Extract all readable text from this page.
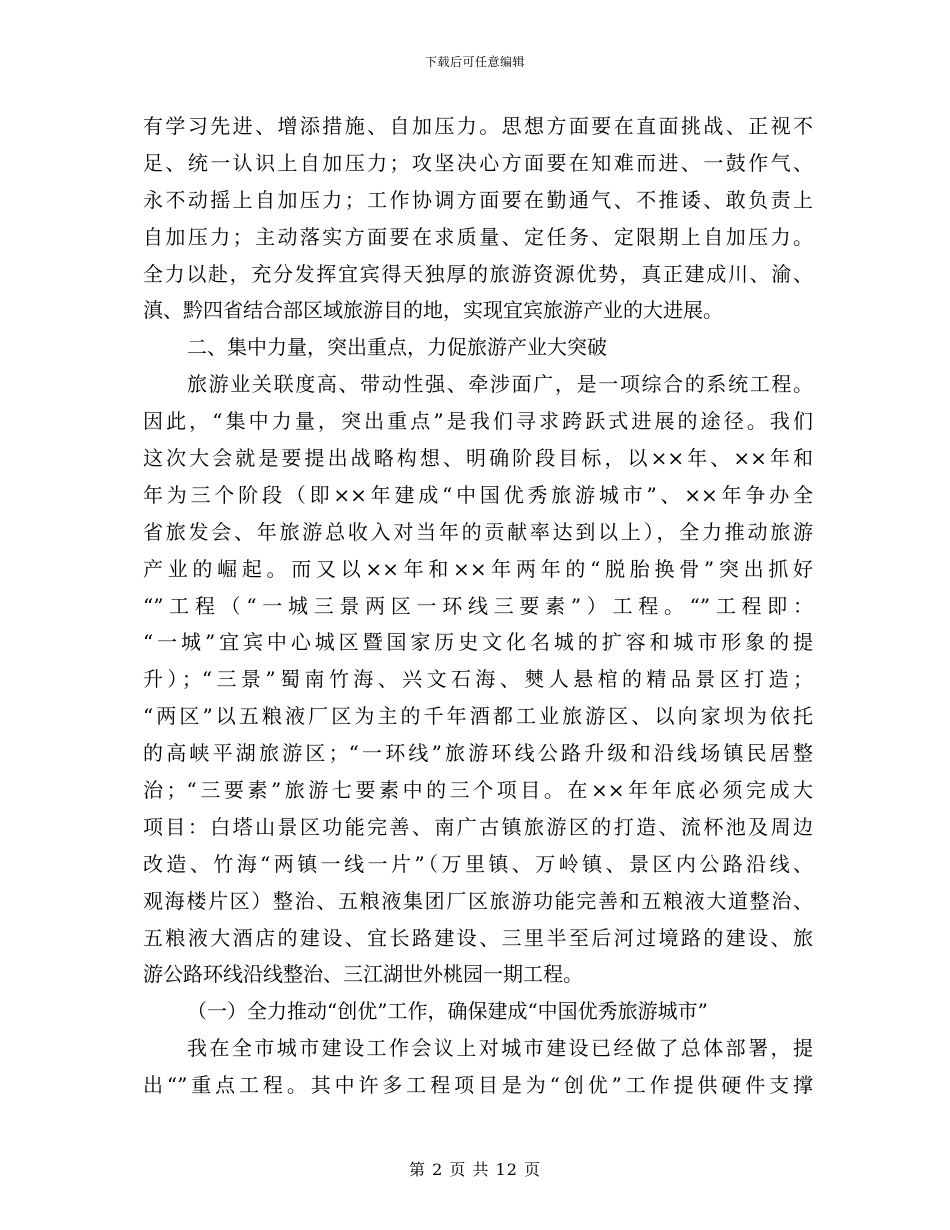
下载后可任意编辑
有学习先进、增添措施、自加压力。思想方面要在直面挑战、正视不
足、统一认识上自加压力；攻坚决心方面要在知难而进、一鼓作气、
永不动摇上自加压力；工作协调方面要在勤通气、不推诿、敢负责上
自加压力；主动落实方面要在求质量、定任务、定限期上自加压力。
全力以赴，充分发挥宜宾得天独厚的旅游资源优势，真正建成川、渝、
滇、黔四省结合部区域旅游目的地，实现宜宾旅游产业的大进展。
二、集中力量，突出重点，力促旅游产业大突破
旅游业关联度高、带动性强、牵涉面广，是一项综合的系统工程。
因此，“集中力量，突出重点”是我们寻求跨跃式进展的途径。我们
这次大会就是要提出战略构想、明确阶段目标，以××年、××年和
年为三个阶段（即××年建成“中国优秀旅游城市”、××年争办全
省旅发会、年旅游总收入对当年的贡献率达到以上），全力推动旅游
产业的崛起。而又以××年和××年两年的“脱胎换骨”突出抓好
“”工程（“一城三景两区一环线三要素”）工程。“”工程即：
“一城”宜宾中心城区暨国家历史文化名城的扩容和城市形象的提
升）；“三景”蜀南竹海、兴文石海、僰人悬棺的精品景区打造；
“两区”以五粮液厂区为主的千年酒都工业旅游区、以向家坝为依托
的高峡平湖旅游区；“一环线”旅游环线公路升级和沿线场镇民居整
治；“三要素”旅游七要素中的三个项目。在××年年底必须完成大
项目：白塔山景区功能完善、南广古镇旅游区的打造、流杯池及周边
改造、竹海“两镇一线一片”（万里镇、万岭镇、景区内公路沿线、
观海楼片区）整治、五粮液集团厂区旅游功能完善和五粮液大道整治、
五粮液大酒店的建设、宜长路建设、三里半至后河过境路的建设、旅
游公路环线沿线整治、三江湖世外桃园一期工程。
（一）全力推动“创优”工作，确保建成“中国优秀旅游城市”
我在全市城市建设工作会议上对城市建设已经做了总体部署，提
出“”重点工程。其中许多工程项目是为“创优”工作提供硬件支撑
第 2 页 共 12 页
